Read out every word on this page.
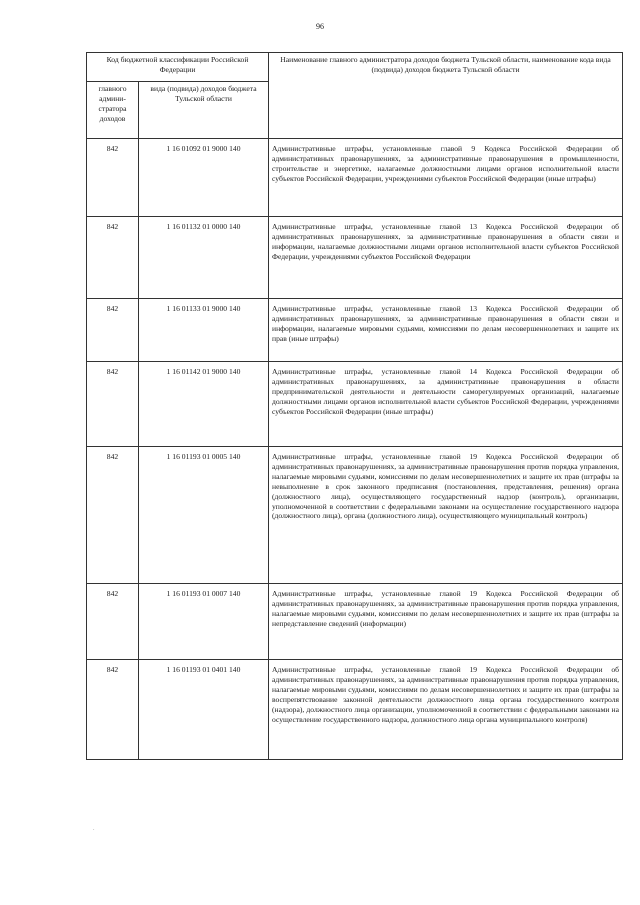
96
Код бюджетной классификации Российской Федерации		Наименование главного администратора доходов бюджета Тульской области, наименование кода вида (подвида) доходов бюджета Тульской области
главного админи-стратора доходов	вида (подвида) доходов бюджета Тульской области	
842	1 16 01092 01 9000 140	Административные штрафы, установленные главой 9 Кодекса Российской Федерации об административных правонарушениях, за административные правонарушения в промышленности, строительстве и энергетике, налагаемые должностными лицами органов исполнительной власти субъектов Российской Федерации, учреждениями субъектов Российской Федерации (иные штрафы)
842	1 16 01132 01 0000 140	Административные штрафы, установленные главой 13 Кодекса Российской Федерации об административных правонарушениях, за административные правонарушения в области связи и информации, налагаемые должностными лицами органов исполнительной власти субъектов Российской Федерации, учреждениями субъектов Российской Федерации
842	1 16 01133 01 9000 140	Административные штрафы, установленные главой 13 Кодекса Российской Федерации об административных правонарушениях, за административные правонарушения в области связи и информации, налагаемые мировыми судьями, комиссиями по делам несовершеннолетних и защите их прав (иные штрафы)
842	1 16 01142 01 9000 140	Административные штрафы, установленные главой 14 Кодекса Российской Федерации об административных правонарушениях, за административные правонарушения в области предпринимательской деятельности и деятельности саморегулируемых организаций, налагаемые должностными лицами органов исполнительной власти субъектов Российской Федерации, учреждениями субъектов Российской Федерации (иные штрафы)
842	1 16 01193 01 0005 140	Административные штрафы, установленные главой 19 Кодекса Российской Федерации об административных правонарушениях, за административные правонарушения против порядка управления, налагаемые мировыми судьями, комиссиями по делам несовершеннолетних и защите их прав (штрафы за невыполнение в срок законного предписания (постановления, представления, решения) органа (должностного лица), осуществляющего государственный надзор (контроль), организации, уполномоченной в соответствии с федеральными законами на осуществление государственного надзора (должностного лица), органа (должностного лица), осуществляющего муниципальный контроль)
842	1 16 01193 01 0007 140	Административные штрафы, установленные главой 19 Кодекса Российской Федерации об административных правонарушениях, за административные правонарушения против порядка управления, налагаемые мировыми судьями, комиссиями по делам несовершеннолетних и защите их прав (штрафы за непредставление сведений (информации)
842	1 16 01193 01 0401 140	Административные штрафы, установленные главой 19 Кодекса Российской Федерации об административных правонарушениях, за административные правонарушения против порядка управления, налагаемые мировыми судьями, комиссиями по делам несовершеннолетних и защите их прав (штрафы за воспрепятствование законной деятельности должностного лица органа государственного контроля (надзора), должностного лица организации, уполномоченной в соответствии с федеральными законами на осуществление государственного надзора, должностного лица органа муниципального контроля)
.
